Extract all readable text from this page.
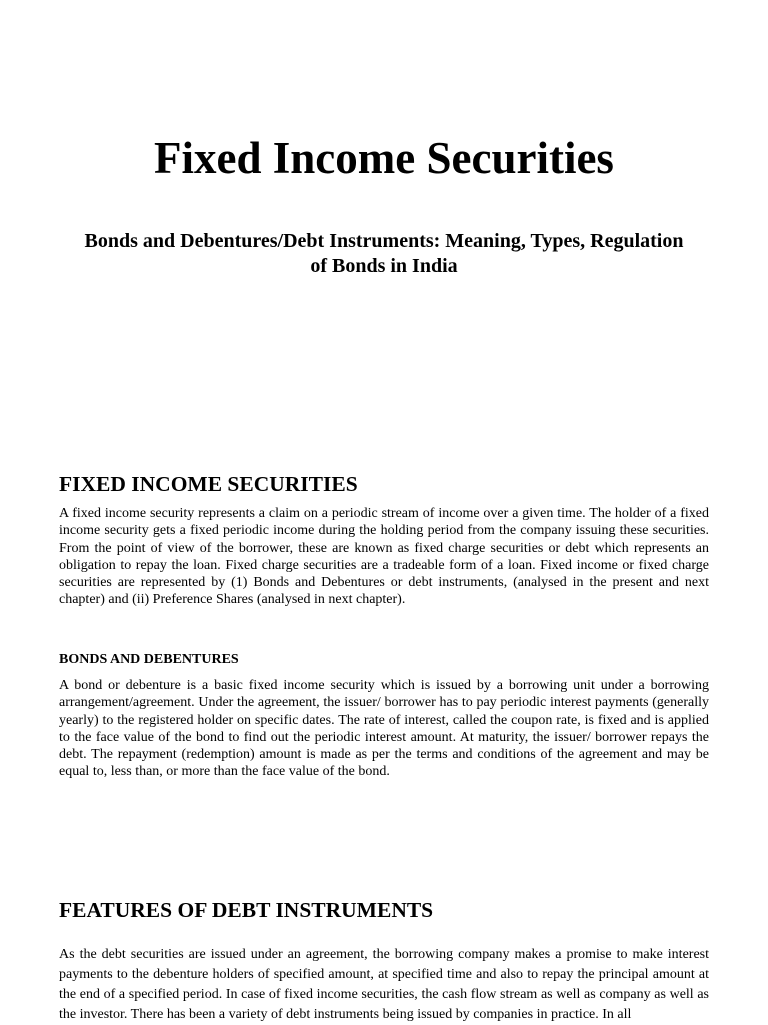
Fixed Income Securities
Bonds and Debentures/Debt Instruments: Meaning, Types, Regulation of Bonds in India
FIXED INCOME SECURITIES

A fixed income security represents a claim on a periodic stream of income over a given time. The holder of a fixed income security gets a fixed periodic income during the holding period from the company issuing these securities. From the point of view of the borrower, these are known as fixed charge securities or debt which represents an obligation to repay the loan. Fixed charge securities are a tradeable form of a loan. Fixed income or fixed charge securities are represented by (1) Bonds and Debentures or debt instruments, (analysed in the present and next chapter) and (ii) Preference Shares (analysed in next chapter).

BONDS AND DEBENTURES

A bond or debenture is a basic fixed income security which is issued by a borrowing unit under a borrowing arrangement/agreement. Under the agreement, the issuer/ borrower has to pay periodic interest payments (generally yearly) to the registered holder on specific dates. The rate of interest, called the coupon rate, is fixed and is applied to the face value of the bond to find out the periodic interest amount. At maturity, the issuer/ borrower repays the debt. The repayment (redemption) amount is made as per the terms and conditions of the agreement and may be equal to, less than, or more than the face value of the bond.

FEATURES OF DEBT INSTRUMENTS

As the debt securities are issued under an agreement, the borrowing company makes a promise to make interest payments to the debenture holders of specified amount, at specified time and also to repay the principal amount at the end of a specified period. In case of fixed income securities, the cash flow stream as well as company as well as the investor. There has been a variety of debt instruments being issued by companies in practice. In all
